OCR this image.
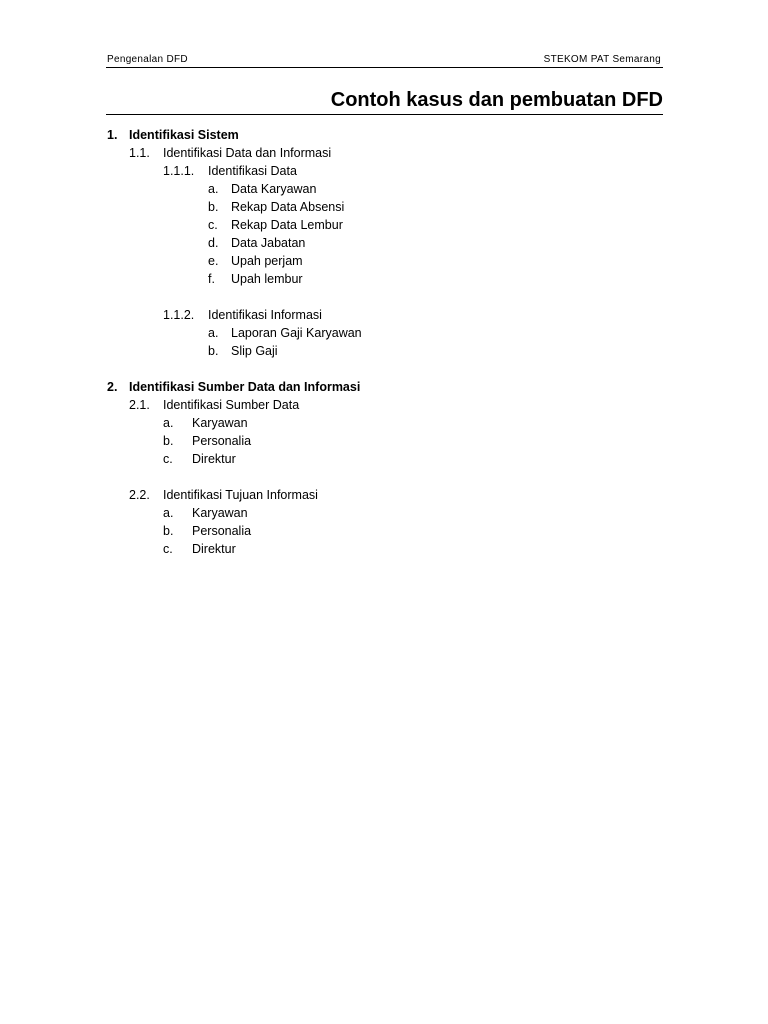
Pengenalan DFD	STEKOM PAT Semarang
Contoh kasus dan pembuatan DFD
1. Identifikasi Sistem
1.1. Identifikasi Data dan Informasi
1.1.1. Identifikasi Data
a. Data Karyawan
b. Rekap Data Absensi
c. Rekap Data Lembur
d. Data Jabatan
e. Upah perjam
f. Upah lembur
1.1.2. Identifikasi Informasi
a. Laporan Gaji Karyawan
b. Slip Gaji
2. Identifikasi Sumber Data dan Informasi
2.1. Identifikasi Sumber Data
a. Karyawan
b. Personalia
c. Direktur
2.2. Identifikasi Tujuan Informasi
a. Karyawan
b. Personalia
c. Direktur
